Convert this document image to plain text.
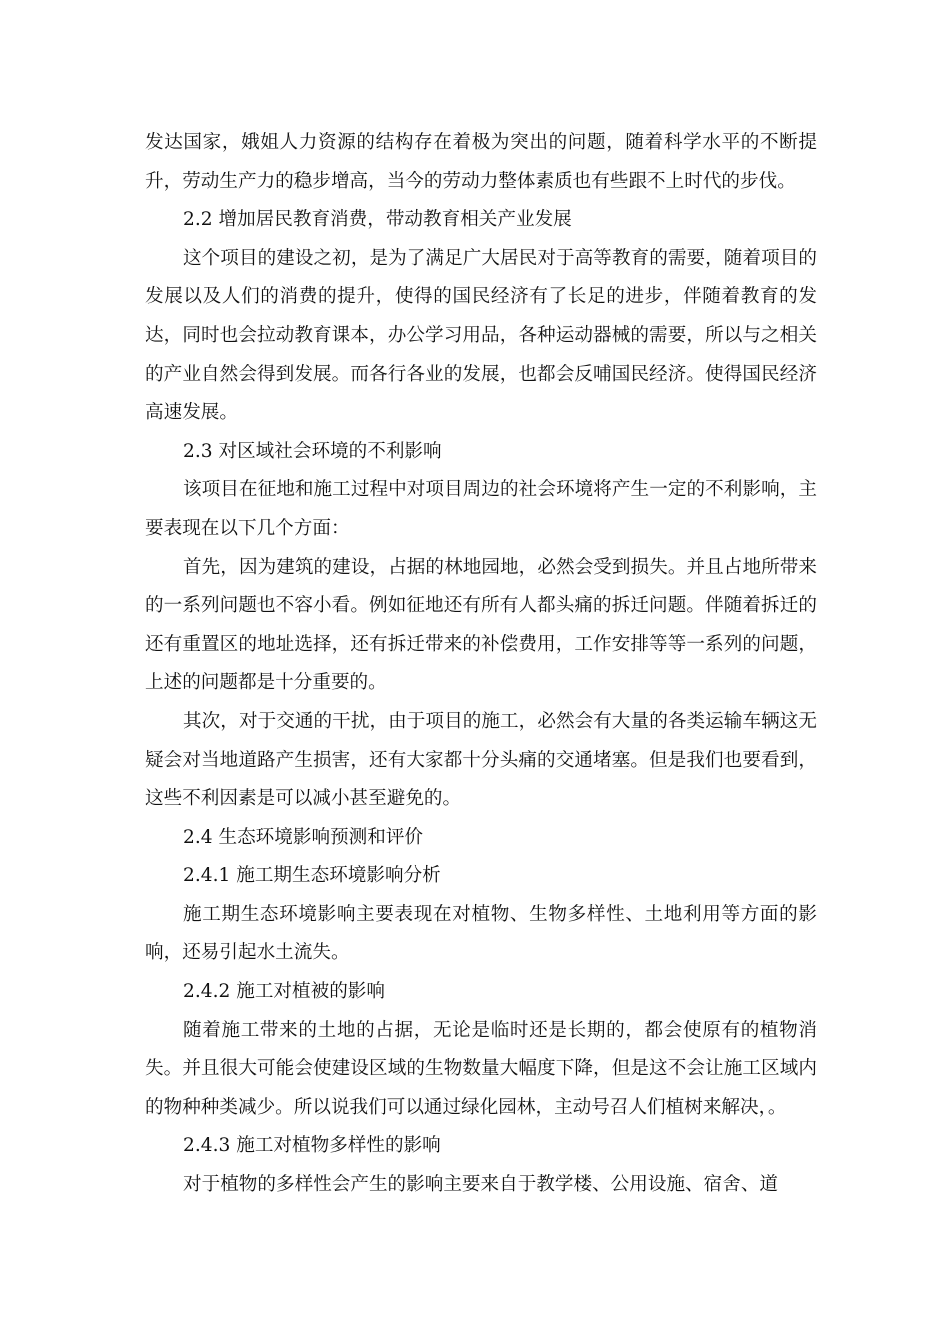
发达国家，娥姐人力资源的结构存在着极为突出的问题，随着科学水平的不断提升，劳动生产力的稳步增高，当今的劳动力整体素质也有些跟不上时代的步伐。

2.2 增加居民教育消费，带动教育相关产业发展

这个项目的建设之初，是为了满足广大居民对于高等教育的需要，随着项目的发展以及人们的消费的提升，使得的国民经济有了长足的进步，伴随着教育的发达，同时也会拉动教育课本，办公学习用品，各种运动器械的需要，所以与之相关的产业自然会得到发展。而各行各业的发展，也都会反哺国民经济。使得国民经济高速发展。

2.3 对区域社会环境的不利影响

该项目在征地和施工过程中对项目周边的社会环境将产生一定的不利影响，主要表现在以下几个方面：

首先，因为建筑的建设，占据的林地园地，必然会受到损失。并且占地所带来的一系列问题也不容小看。例如征地还有所有人都头痛的拆迁问题。伴随着拆迁的还有重置区的地址选择，还有拆迁带来的补偿费用，工作安排等等一系列的问题，上述的问题都是十分重要的。

其次，对于交通的干扰，由于项目的施工，必然会有大量的各类运输车辆这无疑会对当地道路产生损害，还有大家都十分头痛的交通堵塞。但是我们也要看到，这些不利因素是可以减小甚至避免的。

2.4 生态环境影响预测和评价

2.4.1 施工期生态环境影响分析

施工期生态环境影响主要表现在对植物、生物多样性、土地利用等方面的影响，还易引起水土流失。

2.4.2 施工对植被的影响

随着施工带来的土地的占据，无论是临时还是长期的，都会使原有的植物消失。并且很大可能会使建设区域的生物数量大幅度下降，但是这不会让施工区域内的物种种类减少。所以说我们可以通过绿化园林，主动号召人们植树来解决，。

2.4.3 施工对植物多样性的影响

对于植物的多样性会产生的影响主要来自于教学楼、公用设施、宿舍、道
